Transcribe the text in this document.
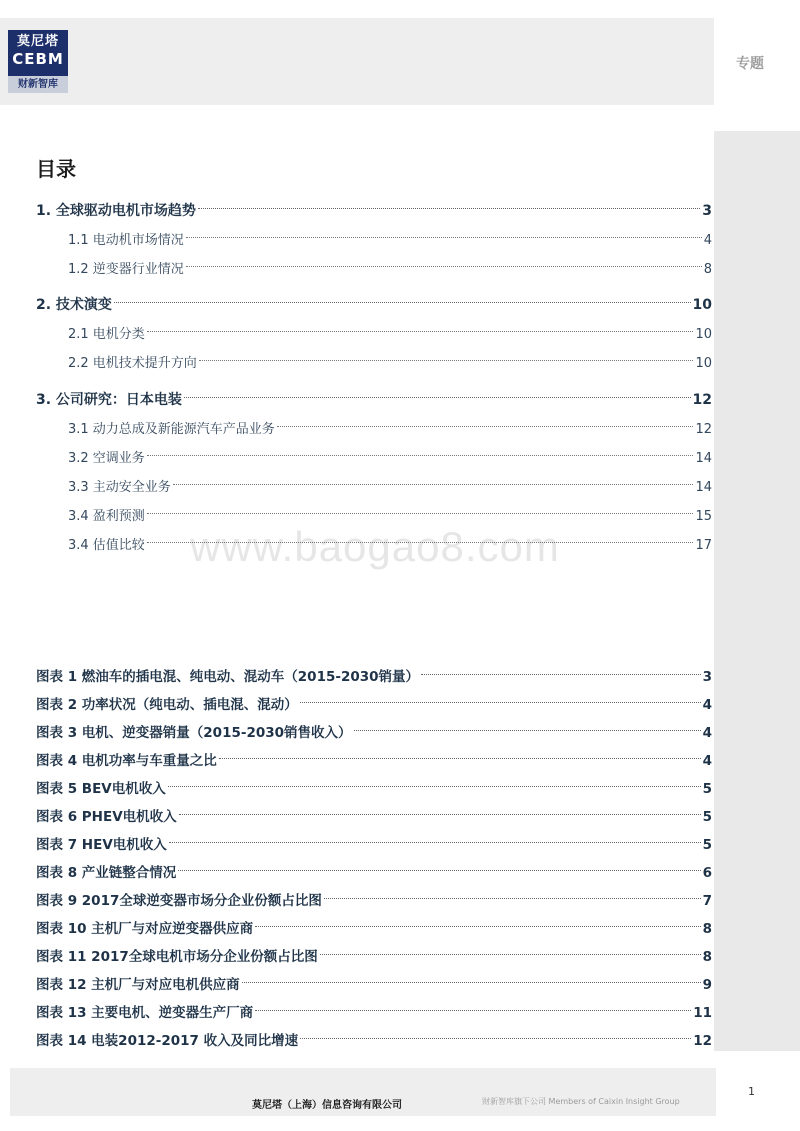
莫尼塔
CEBM
财新智库
专题
www.baogao8.com
目录
1. 全球驱动电机市场趋势	3
1.1 电动机市场情况	4
1.2 逆变器行业情况	8
2. 技术演变	10
2.1 电机分类	10
2.2 电机技术提升方向	10
3. 公司研究：日本电装	12
3.1 动力总成及新能源汽车产品业务	12
3.2 空调业务	14
3.3 主动安全业务	14
3.4 盈利预测	15
3.4 估值比较	17
图表 1 燃油车的插电混、纯电动、混动车（2015-2030销量）	3
图表 2 功率状况（纯电动、插电混、混动）	4
图表 3 电机、逆变器销量（2015-2030销售收入）	4
图表 4 电机功率与车重量之比	4
图表 5 BEV电机收入	5
图表 6 PHEV电机收入	5
图表 7 HEV电机收入	5
图表 8 产业链整合情况	6
图表 9 2017全球逆变器市场分企业份额占比图	7
图表 10 主机厂与对应逆变器供应商	8
图表 11 2017全球电机市场分企业份额占比图	8
图表 12 主机厂与对应电机供应商	9
图表 13 主要电机、逆变器生产厂商	11
图表 14 电装2012-2017 收入及同比增速	12
莫尼塔（上海）信息咨询有限公司	财新智库旗下公司 Members of Caixin Insight Group
1
